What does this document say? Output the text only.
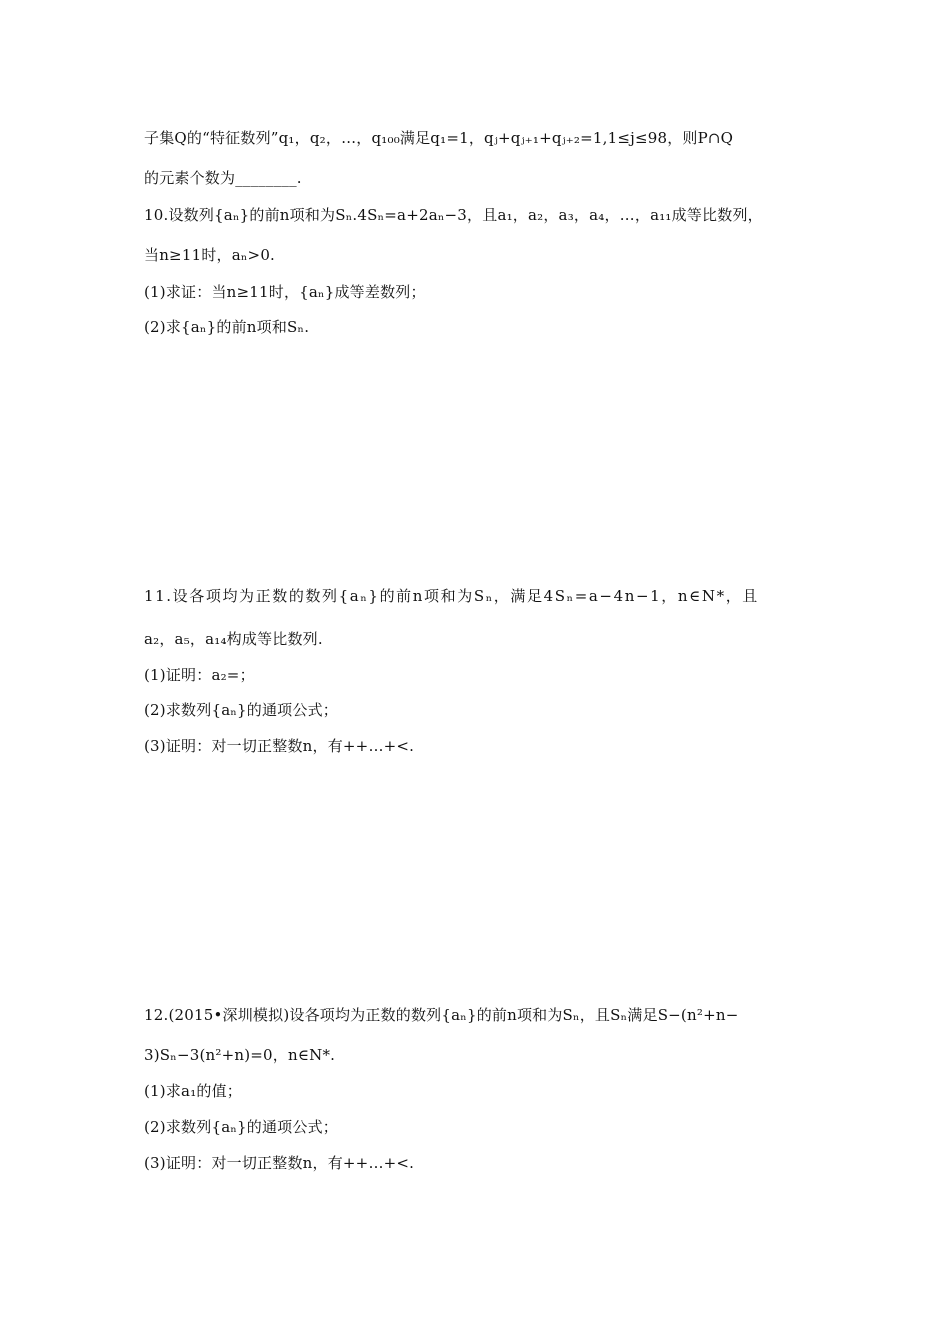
子集Q的“特征数列”q₁，q₂，…，q₁₀₀满足q₁=1，qⱼ+qⱼ₊₁+qⱼ₊₂=1,1≤j≤98，则P∩Q
的元素个数为________.
10.设数列{aₙ}的前n项和为Sₙ.4Sₙ=a+2aₙ−3，且a₁，a₂，a₃，a₄，…，a₁₁成等比数列，
当n≥11时，aₙ>0.
(1)求证：当n≥11时，{aₙ}成等差数列；
(2)求{aₙ}的前n项和Sₙ.
11.设各项均为正数的数列{aₙ}的前n项和为Sₙ，满足4Sₙ=a−4n−1，n∈N*，且
a₂，a₅，a₁₄构成等比数列.
(1)证明：a₂=；
(2)求数列{aₙ}的通项公式；
(3)证明：对一切正整数n，有++…+<.
12.(2015•深圳模拟)设各项均为正数的数列{aₙ}的前n项和为Sₙ，且Sₙ满足S−(n²+n−
3)Sₙ−3(n²+n)=0，n∈N*.
(1)求a₁的值；
(2)求数列{aₙ}的通项公式；
(3)证明：对一切正整数n，有++…+<.
